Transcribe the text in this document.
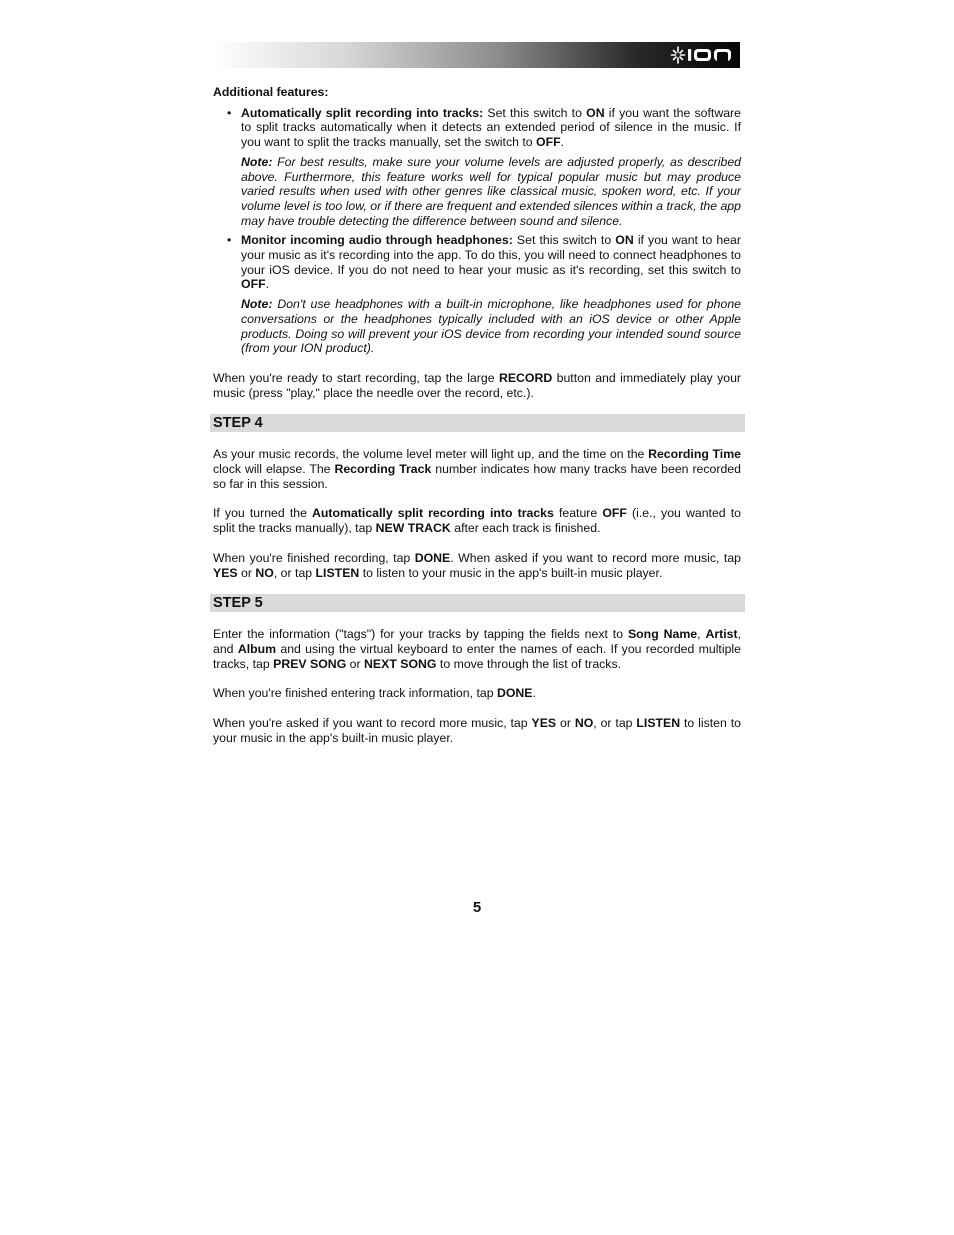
Additional features:

• Automatically split recording into tracks: Set this switch to ON if you want the software to split tracks automatically when it detects an extended period of silence in the music. If you want to split the tracks manually, set the switch to OFF.

Note: For best results, make sure your volume levels are adjusted properly, as described above. Furthermore, this feature works well for typical popular music but may produce varied results when used with other genres like classical music, spoken word, etc. If your volume level is too low, or if there are frequent and extended silences within a track, the app may have trouble detecting the difference between sound and silence.

• Monitor incoming audio through headphones: Set this switch to ON if you want to hear your music as it's recording into the app. To do this, you will need to connect headphones to your iOS device. If you do not need to hear your music as it's recording, set this switch to OFF.

Note: Don't use headphones with a built-in microphone, like headphones used for phone conversations or the headphones typically included with an iOS device or other Apple products. Doing so will prevent your iOS device from recording your intended sound source (from your ION product).

When you're ready to start recording, tap the large RECORD button and immediately play your music (press "play," place the needle over the record, etc.).

STEP 4

As your music records, the volume level meter will light up, and the time on the Recording Time clock will elapse. The Recording Track number indicates how many tracks have been recorded so far in this session.

If you turned the Automatically split recording into tracks feature OFF (i.e., you wanted to split the tracks manually), tap NEW TRACK after each track is finished.

When you're finished recording, tap DONE. When asked if you want to record more music, tap YES or NO, or tap LISTEN to listen to your music in the app's built-in music player.

STEP 5

Enter the information ("tags") for your tracks by tapping the fields next to Song Name, Artist, and Album and using the virtual keyboard to enter the names of each. If you recorded multiple tracks, tap PREV SONG or NEXT SONG to move through the list of tracks.

When you're finished entering track information, tap DONE.

When you're asked if you want to record more music, tap YES or NO, or tap LISTEN to listen to your music in the app's built-in music player.

5
